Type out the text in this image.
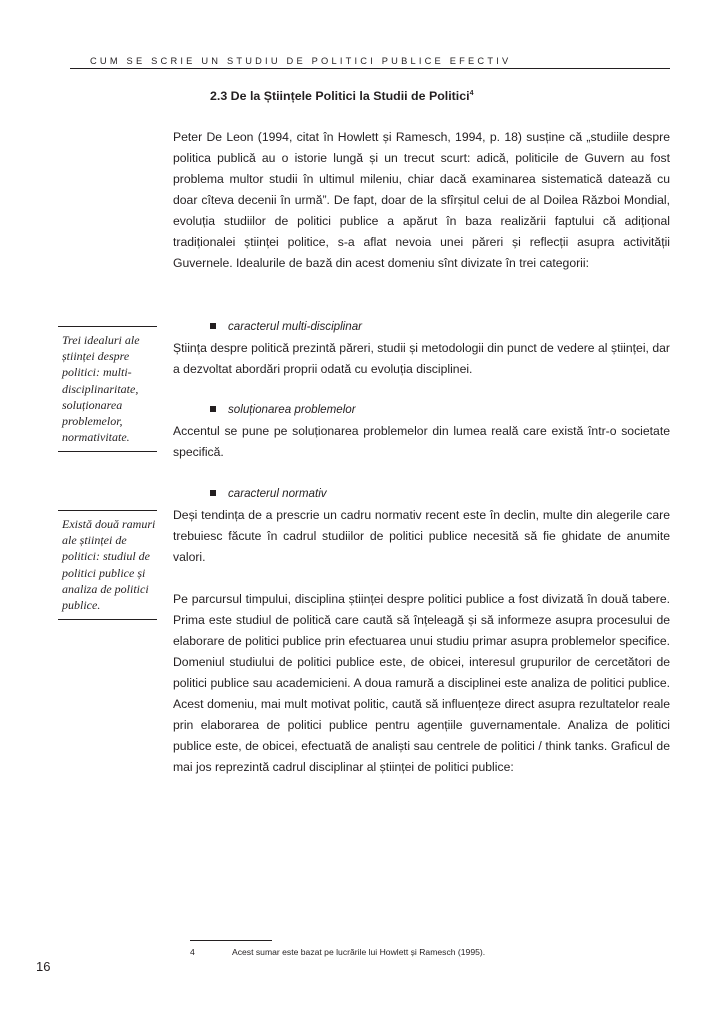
CUM SE SCRIE UN STUDIU DE POLITICI PUBLICE EFECTIV
2.3 De la Științele Politici la Studii de Politici$^4$

Peter De Leon (1994, citat în Howlett și Ramesch, 1994, p. 18) susține că „studiile despre politica publică au o istorie lungă și un trecut scurt: adică, politicile de Guvern au fost problema multor studii în ultimul mileniu, chiar dacă examinarea sistematică datează cu doar cîteva decenii în urmă”. De fapt, doar de la sfîrșitul celui de al Doilea Război Mondial, evoluția studiilor de politici publice a apărut în baza realizării faptului că adițional tradiționalei științei politice, s-a aflat nevoia unei păreri și reflecții asupra activității Guvernele. Idealurile de bază din acest domeniu sînt divizate în trei categorii:

caracterul multi-disciplinar

Știința despre politică prezintă păreri, studii și metodologii din punct de vedere al științei, dar a dezvoltat abordări proprii odată cu evoluția disciplinei.

soluționarea problemelor

Accentul se pune pe soluționarea problemelor din lumea reală care există într-o societate specifică.

caracterul normativ

Deși tendința de a prescrie un cadru normativ recent este în declin, multe din alegerile care trebuiesc făcute în cadrul studiilor de politici publice necesită să fie ghidate de anumite valori.

Pe parcursul timpului, disciplina științei despre politici publice a fost divizată în două tabere. Prima este studiul de politică care caută să înțeleagă și să informeze asupra procesului de elaborare de politici publice prin efectuarea unui studiu primar asupra problemelor specifice. Domeniul studiului de politici publice este, de obicei, interesul grupurilor de cercetători de politici publice sau academicieni. A doua ramură a disciplinei este analiza de politici publice. Acest domeniu, mai mult motivat politic, caută să influențeze direct asupra rezultatelor reale prin elaborarea de politici publice pentru agențiile guvernamentale. Analiza de politici publice este, de obicei, efectuată de analiști sau centrele de politici / think tanks. Graficul de mai jos reprezintă cadrul disciplinar al științei de politici publice:

Trei idealuri ale științei despre politici: multi-disciplinaritate, soluționarea problemelor, normativitate.

Există două ramuri ale științei de politici: studiul de politici publice și analiza de politici publice.

4	Acest sumar este bazat pe lucrările lui Howlett și Ramesch (1995).
16
